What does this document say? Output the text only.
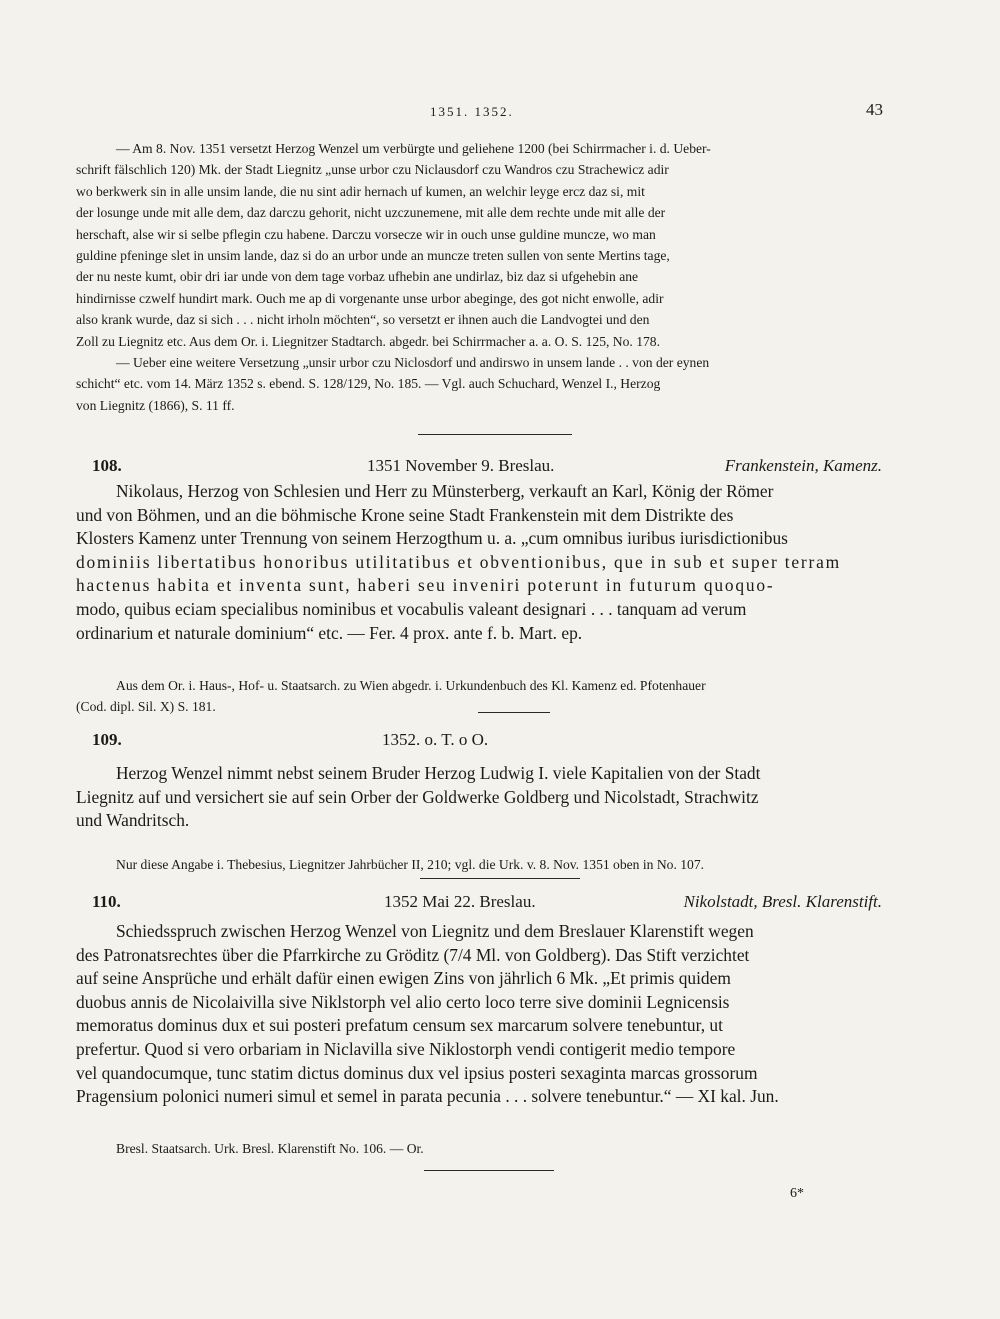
1351. 1352.	43

— Am 8. Nov. 1351 versetzt Herzog Wenzel um verbürgte und geliehene 1200 (bei Schirrmacher i. d. Ueber-

schrift fälschlich 120) Mk. der Stadt Liegnitz „unse urbor czu Niclausdorf czu Wandros czu Strachewicz adir

wo berkwerk sin in alle unsim lande, die nu sint adir hernach uf kumen, an welchir leyge ercz daz si, mit

der losunge unde mit alle dem, daz darczu gehorit, nicht uzczunemene, mit alle dem rechte unde mit alle der

herschaft, alse wir si selbe pflegin czu habene. Darczu vorsecze wir in ouch unse guldine muncze, wo man

guldine pfeninge slet in unsim lande, daz si do an urbor unde an muncze treten sullen von sente Mertins tage,

der nu neste kumt, obir dri iar unde von dem tage vorbaz ufhebin ane undirlaz, biz daz si ufgehebin ane

hindirnisse czwelf hundirt mark. Ouch me ap di vorgenante unse urbor abeginge, des got nicht enwolle, adir

also krank wurde, daz si sich . . . nicht irholn möchten“, so versetzt er ihnen auch die Landvogtei und den

Zoll zu Liegnitz etc. Aus dem Or. i. Liegnitzer Stadtarch. abgedr. bei Schirrmacher a. a. O. S. 125, No. 178.

— Ueber eine weitere Versetzung „unsir urbor czu Niclosdorf und andirswo in unsem lande . . von der eynen

schicht“ etc. vom 14. März 1352 s. ebend. S. 128/129, No. 185. — Vgl. auch Schuchard, Wenzel I., Herzog

von Liegnitz (1866), S. 11 ff.

108.	1351 November 9. Breslau.	Frankenstein, Kamenz.

Nikolaus, Herzog von Schlesien und Herr zu Münsterberg, verkauft an Karl, König der Römer

und von Böhmen, und an die böhmische Krone seine Stadt Frankenstein mit dem Distrikte des

Klosters Kamenz unter Trennung von seinem Herzogthum u. a. „cum omnibus iuribus iurisdictionibus

dominiis libertatibus honoribus utilitatibus et obventionibus, que in sub et super terram

hactenus habita et inventa sunt, haberi seu inveniri poterunt in futurum quoquo-

modo, quibus eciam specialibus nominibus et vocabulis valeant designari . . . tanquam ad verum

ordinarium et naturale dominium“ etc. — Fer. 4 prox. ante f. b. Mart. ep.

Aus dem Or. i. Haus-, Hof- u. Staatsarch. zu Wien abgedr. i. Urkundenbuch des Kl. Kamenz ed. Pfotenhauer

(Cod. dipl. Sil. X) S. 181.

109.	1352. o. T. o O.

Herzog Wenzel nimmt nebst seinem Bruder Herzog Ludwig I. viele Kapitalien von der Stadt

Liegnitz auf und versichert sie auf sein Orber der Goldwerke Goldberg und Nicolstadt, Strachwitz

und Wandritsch.

Nur diese Angabe i. Thebesius, Liegnitzer Jahrbücher II, 210; vgl. die Urk. v. 8. Nov. 1351 oben in No. 107.

110.	1352 Mai 22. Breslau.	Nikolstadt, Bresl. Klarenstift.

Schiedsspruch zwischen Herzog Wenzel von Liegnitz und dem Breslauer Klarenstift wegen

des Patronatsrechtes über die Pfarrkirche zu Gröditz (7/4 Ml. von Goldberg). Das Stift verzichtet

auf seine Ansprüche und erhält dafür einen ewigen Zins von jährlich 6 Mk. „Et primis quidem

duobus annis de Nicolaivilla sive Niklstorph vel alio certo loco terre sive dominii Legnicensis

memoratus dominus dux et sui posteri prefatum censum sex marcarum solvere tenebuntur, ut

prefertur. Quod si vero orbariam in Niclavilla sive Niklostorph vendi contigerit medio tempore

vel quandocumque, tunc statim dictus dominus dux vel ipsius posteri sexaginta marcas grossorum

Pragensium polonici numeri simul et semel in parata pecunia . . . solvere tenebuntur.“ — XI kal. Jun.

Bresl. Staatsarch. Urk. Bresl. Klarenstift No. 106. — Or.

6*
